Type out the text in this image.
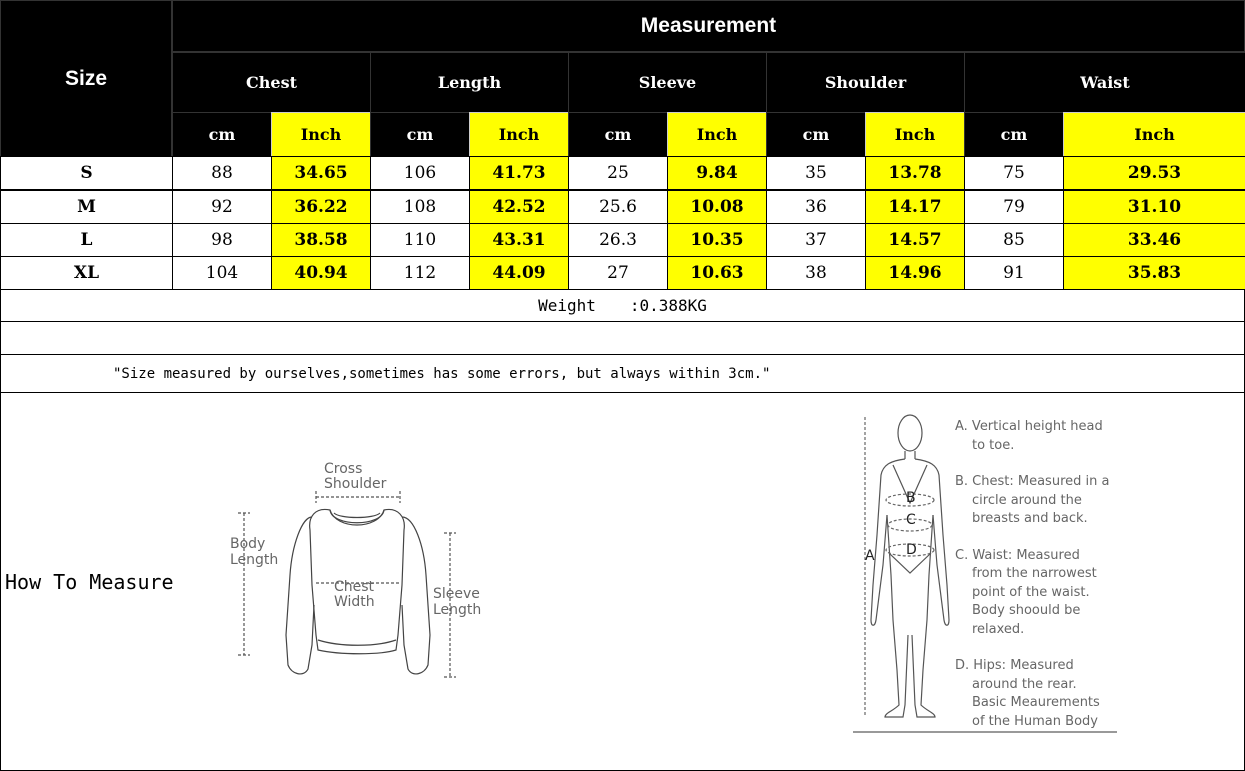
Size
Measurement
Chest	Length	Sleeve	Shoulder	Waist
cm	Inch	cm	Inch	cm	Inch	cm	Inch	cm	Inch
S	88	34.65	106	41.73	25	9.84	35	13.78	75	29.53
M	92	36.22	108	42.52	25.6	10.08	36	14.17	79	31.10
L	98	38.58	110	43.31	26.3	10.35	37	14.57	85	33.46
XL	104	40.94	112	44.09	27	10.63	38	14.96	91	35.83
Weight :0.388KG
"Size measured by ourselves,sometimes has some errors, but always within 3cm."
How To Measure
Cross
Shoulder
Body
Length
Chest
Width	Sleeve
Length
A
B
C
D
A. Vertical height head
to toe.
B. Chest: Measured in a
circle around the
breasts and back.
C. Waist: Measured
from the narrowest
point of the waist.
Body shoould be
relaxed.
D. Hips: Measured
around the rear.
Basic Meaurements
of the Human Body
